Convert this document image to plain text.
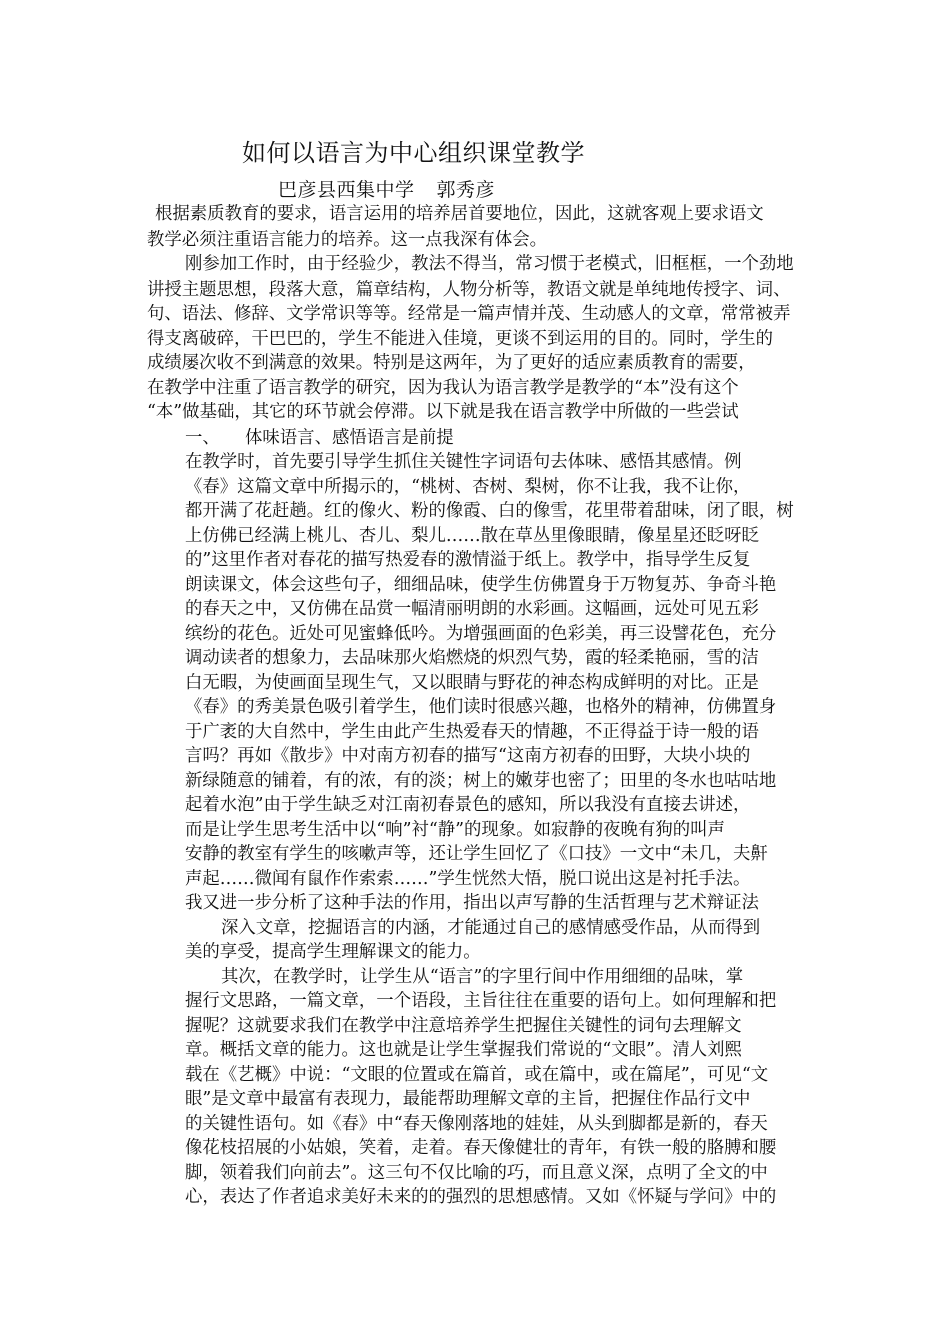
如何以语言为中心组织课堂教学
巴彦县西集中学 郭秀彦
根据素质教育的要求，语言运用的培养居首要地位，因此，这就客观上要求语文
教学必须注重语言能力的培养。这一点我深有体会。
刚参加工作时，由于经验少，教法不得当，常习惯于老模式，旧框框，一个劲地
讲授主题思想，段落大意，篇章结构，人物分析等，教语文就是单纯地传授字、词、
句、语法、修辞、文学常识等等。经常是一篇声情并茂、生动感人的文章，常常被弄
得支离破碎，干巴巴的，学生不能进入佳境，更谈不到运用的目的。同时，学生的
成绩屡次收不到满意的效果。特别是这两年，为了更好的适应素质教育的需要，
在教学中注重了语言教学的研究，因为我认为语言教学是教学的“本”没有这个
“本”做基础，其它的环节就会停滞。以下就是我在语言教学中所做的一些尝试
一、 体味语言、感悟语言是前提
在教学时，首先要引导学生抓住关键性字词语句去体味、感悟其感情。例
《春》这篇文章中所揭示的，“桃树、杏树、梨树，你不让我，我不让你，
都开满了花赶趟。红的像火、粉的像霞、白的像雪，花里带着甜味，闭了眼，树
上仿佛已经满上桃儿、杏儿、梨儿……散在草丛里像眼睛，像星星还眨呀眨
的”这里作者对春花的描写热爱春的激情溢于纸上。教学中，指导学生反复
朗读课文，体会这些句子，细细品味，使学生仿佛置身于万物复苏、争奇斗艳
的春天之中，又仿佛在品赏一幅清丽明朗的水彩画。这幅画，远处可见五彩
缤纷的花色。近处可见蜜蜂低吟。为增强画面的色彩美，再三设譬花色，充分
调动读者的想象力，去品味那火焰燃烧的炽烈气势，霞的轻柔艳丽，雪的洁
白无暇，为使画面呈现生气，又以眼睛与野花的神态构成鲜明的对比。正是
《春》的秀美景色吸引着学生，他们读时很感兴趣，也格外的精神，仿佛置身
于广袤的大自然中，学生由此产生热爱春天的情趣，不正得益于诗一般的语
言吗？再如《散步》中对南方初春的描写“这南方初春的田野，大块小块的
新绿随意的铺着，有的浓，有的淡；树上的嫩芽也密了；田里的冬水也咕咕地
起着水泡”由于学生缺乏对江南初春景色的感知，所以我没有直接去讲述，
而是让学生思考生活中以“响”衬“静”的现象。如寂静的夜晚有狗的叫声
安静的教室有学生的咳嗽声等，还让学生回忆了《口技》一文中“未几，夫鼾
声起……微闻有鼠作作索索……”学生恍然大悟，脱口说出这是衬托手法。
我又进一步分析了这种手法的作用，指出以声写静的生活哲理与艺术辩证法
深入文章，挖掘语言的内涵，才能通过自己的感情感受作品，从而得到
美的享受，提高学生理解课文的能力。
其次，在教学时，让学生从“语言”的字里行间中作用细细的品味，掌
握行文思路，一篇文章，一个语段，主旨往往在重要的语句上。如何理解和把
握呢？这就要求我们在教学中注意培养学生把握住关键性的词句去理解文
章。概括文章的能力。这也就是让学生掌握我们常说的“文眼”。清人刘熙
载在《艺概》中说：“文眼的位置或在篇首，或在篇中，或在篇尾”，可见“文
眼”是文章中最富有表现力，最能帮助理解文章的主旨，把握住作品行文中
的关键性语句。如《春》中“春天像刚落地的娃娃，从头到脚都是新的，春天
像花枝招展的小姑娘，笑着，走着。春天像健壮的青年，有铁一般的胳膊和腰
脚，领着我们向前去”。这三句不仅比喻的巧，而且意义深，点明了全文的中
心，表达了作者追求美好未来的的强烈的思想感情。又如《怀疑与学问》中的
